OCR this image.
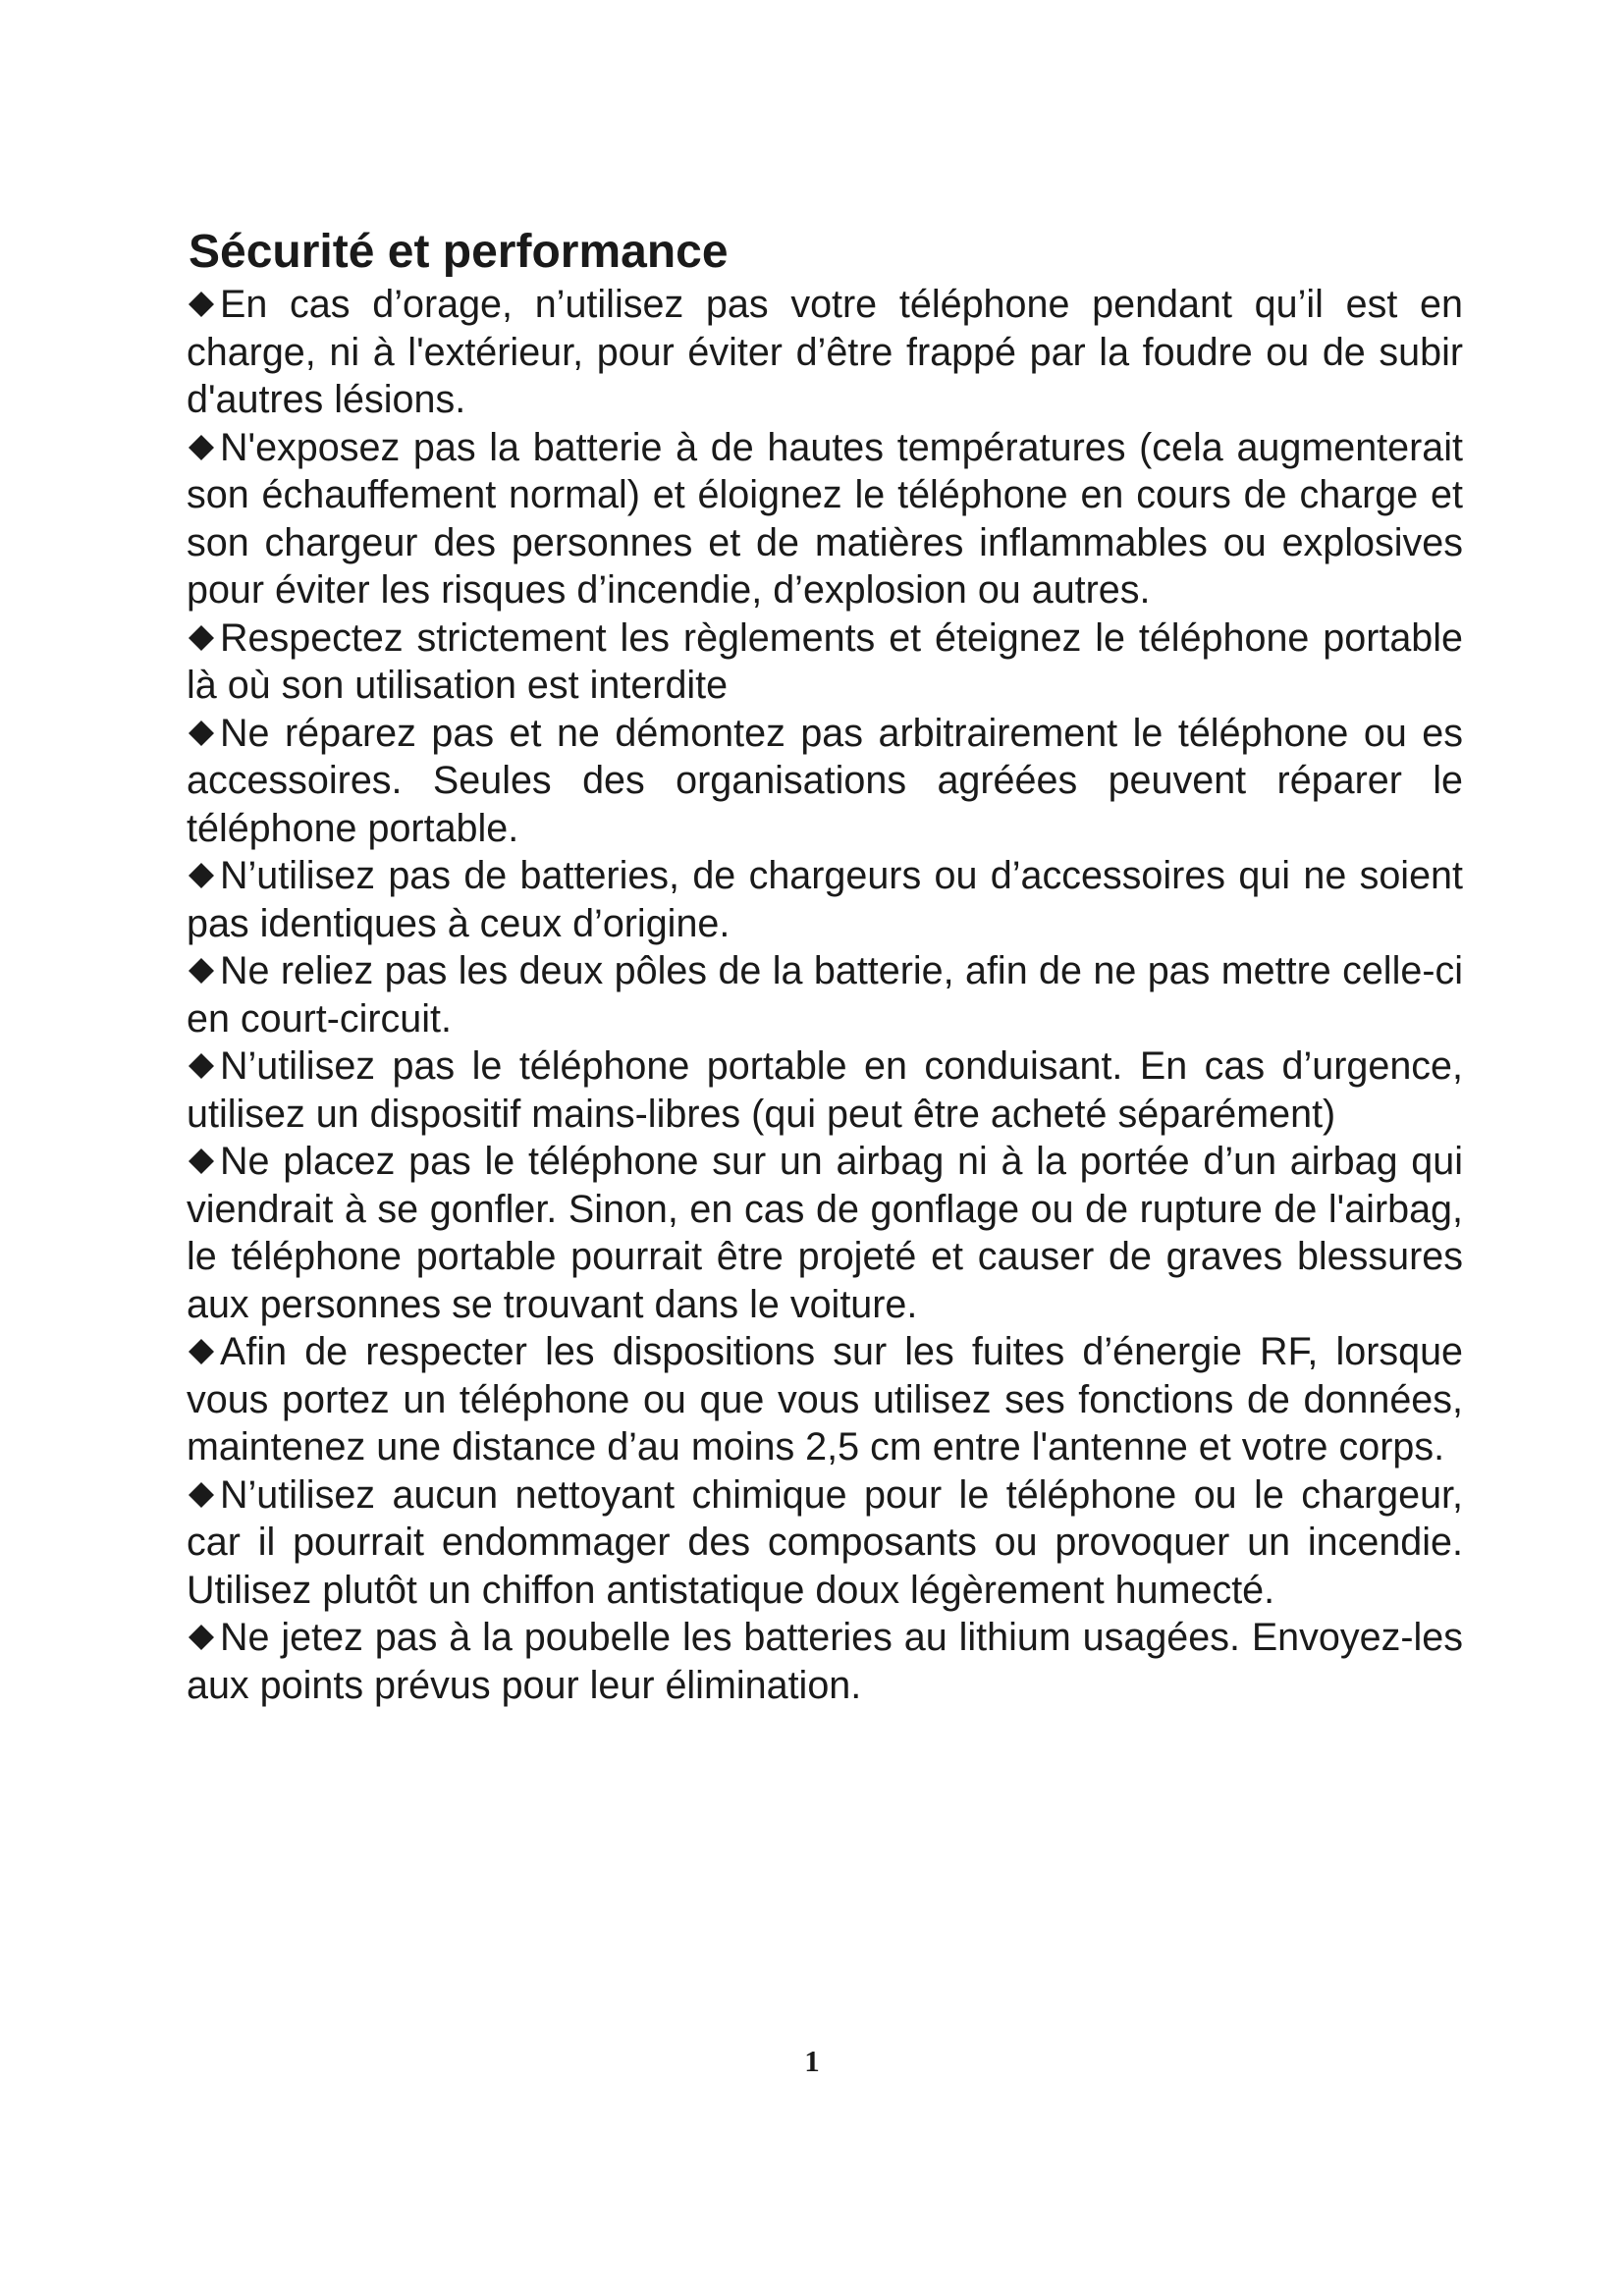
Sécurité et performance
En cas d’orage, n’utilisez pas votre téléphone pendant qu’il est en charge, ni à l'extérieur, pour éviter d’être frappé par la foudre ou de subir d'autres lésions.
N'exposez pas la batterie à de hautes températures (cela augmenterait son échauffement normal) et éloignez le téléphone en cours de charge et son chargeur des personnes et de matières inflammables ou explosives pour éviter les risques d’incendie, d’explosion ou autres.
Respectez strictement les règlements et éteignez le téléphone portable là où son utilisation est interdite
Ne réparez pas et ne démontez pas arbitrairement le téléphone ou es accessoires. Seules des organisations agréées peuvent réparer le téléphone portable.
N’utilisez pas de batteries, de chargeurs ou d’accessoires qui ne soient pas identiques à ceux d’origine.
Ne reliez pas les deux pôles de la batterie, afin de ne pas mettre celle-ci en court-circuit.
N’utilisez pas le téléphone portable en conduisant. En cas d’urgence, utilisez un dispositif mains-libres (qui peut être acheté séparément)
Ne placez pas le téléphone sur un airbag ni à la portée d’un airbag qui viendrait à se gonfler. Sinon, en cas de gonflage ou de rupture de l'airbag, le téléphone portable pourrait être projeté et causer de graves blessures aux personnes se trouvant dans le voiture.
Afin de respecter les dispositions sur les fuites d’énergie RF, lorsque vous portez un téléphone ou que vous utilisez ses fonctions de données, maintenez une distance d’au moins 2,5 cm entre l'antenne et votre corps.
N’utilisez aucun nettoyant chimique pour le téléphone ou le chargeur, car il pourrait endommager des composants ou provoquer un incendie. Utilisez plutôt un chiffon antistatique doux légèrement humecté.
Ne jetez pas à la poubelle les batteries au lithium usagées. Envoyez-les aux points prévus pour leur élimination.
1
